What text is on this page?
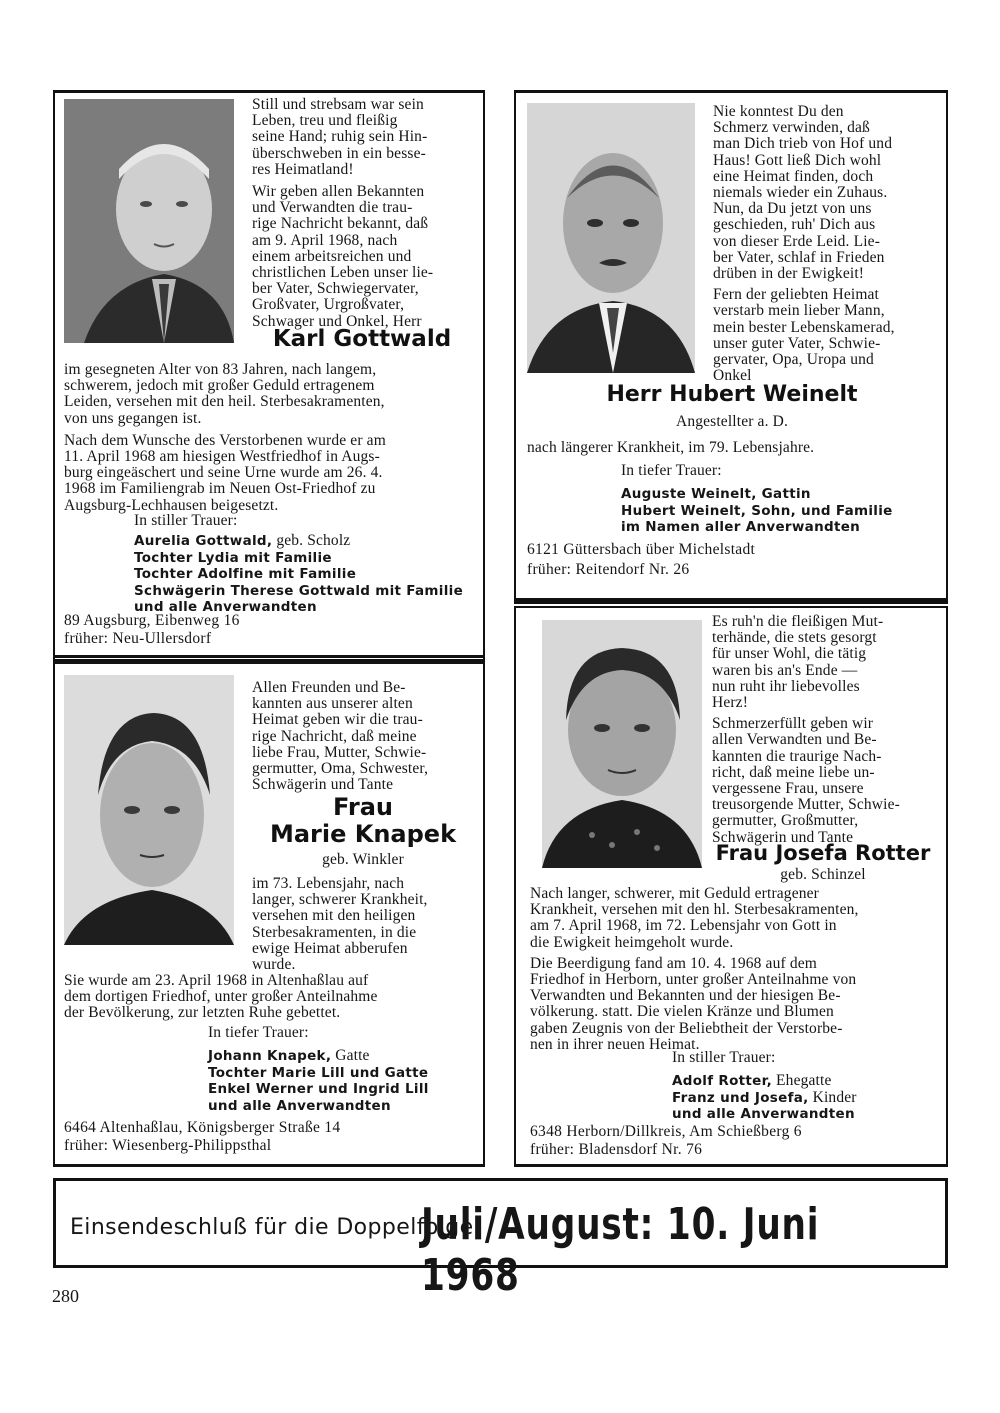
Still und strebsam war sein
Leben, treu und fleißig
seine Hand; ruhig sein Hin-
überschweben in ein besse-
res Heimatland!

Wir geben allen Bekannten
und Verwandten die trau-
rige Nachricht bekannt, daß
am 9. April 1968, nach
einem arbeitsreichen und
christlichen Leben unser lie-
ber Vater, Schwiegervater,
Großvater, Urgroßvater,
Schwager und Onkel, Herr

Karl Gottwald

im gesegneten Alter von 83 Jahren, nach langem,
schwerem, jedoch mit großer Geduld ertragenem
Leiden, versehen mit den heil. Sterbesakramenten,
von uns gegangen ist.

Nach dem Wunsche des Verstorbenen wurde er am
11. April 1968 am hiesigen Westfriedhof in Augs-
burg eingeäschert und seine Urne wurde am 26. 4.
1968 im Familiengrab im Neuen Ost-Friedhof zu
Augsburg-Lechhausen beigesetzt.

In stiller Trauer:
Aurelia Gottwald, geb. Scholz
Tochter Lydia mit Familie
Tochter Adolfine mit Familie
Schwägerin Therese Gottwald mit Familie
und alle Anverwandten
89 Augsburg, Eibenweg 16
früher: Neu-Ullersdorf

Nie konntest Du den
Schmerz verwinden, daß
man Dich trieb von Hof und
Haus! Gott ließ Dich wohl
eine Heimat finden, doch
niemals wieder ein Zuhaus.
Nun, da Du jetzt von uns
geschieden, ruh' Dich aus
von dieser Erde Leid. Lie-
ber Vater, schlaf in Frieden
drüben in der Ewigkeit!

Fern der geliebten Heimat
verstarb mein lieber Mann,
mein bester Lebenskamerad,
unser guter Vater, Schwie-
gervater, Opa, Uropa und
Onkel

Herr Hubert Weinelt
Angestellter a. D.
nach längerer Krankheit, im 79. Lebensjahre.
In tiefer Trauer:
Auguste Weinelt, Gattin
Hubert Weinelt, Sohn, und Familie
im Namen aller Anverwandten
6121 Güttersbach über Michelstadt
früher: Reitendorf Nr. 26
Allen Freunden und Be-
kannten aus unserer alten
Heimat geben wir die trau-
rige Nachricht, daß meine
liebe Frau, Mutter, Schwie-
germutter, Oma, Schwester,
Schwägerin und Tante
Frau
Marie Knapek
geb. Winkler
im 73. Lebensjahr, nach
langer, schwerer Krankheit,
versehen mit den heiligen
Sterbesakramenten, in die
ewige Heimat abberufen
wurde.
Sie wurde am 23. April 1968 in Altenhaßlau auf
dem dortigen Friedhof, unter großer Anteilnahme
der Bevölkerung, zur letzten Ruhe gebettet.
In tiefer Trauer:
Johann Knapek, Gatte
Tochter Marie Lill und Gatte
Enkel Werner und Ingrid Lill
und alle Anverwandten
6464 Altenhaßlau, Königsberger Straße 14
früher: Wiesenberg-Philippsthal

Es ruh'n die fleißigen Mut-
terhände, die stets gesorgt
für unser Wohl, die tätig
waren bis an's Ende —
nun ruht ihr liebevolles
Herz!

Schmerzerfüllt geben wir
allen Verwandten und Be-
kannten die traurige Nach-
richt, daß meine liebe un-
vergessene Frau, unsere
treusorgende Mutter, Schwie-
germutter, Großmutter,
Schwägerin und Tante

Frau Josefa Rotter
geb. Schinzel

Nach langer, schwerer, mit Geduld ertragener
Krankheit, versehen mit den hl. Sterbesakramenten,
am 7. April 1968, im 72. Lebensjahr von Gott in
die Ewigkeit heimgeholt wurde.

Die Beerdigung fand am 10. 4. 1968 auf dem
Friedhof in Herborn, unter großer Anteilnahme von
Verwandten und Bekannten und der hiesigen Be-
völkerung. statt. Die vielen Kränze und Blumen
gaben Zeugnis von der Beliebtheit der Verstorbe-
nen in ihrer neuen Heimat.

In stiller Trauer:
Adolf Rotter, Ehegatte
Franz und Josefa, Kinder
und alle Anverwandten
6348 Herborn/Dillkreis, Am Schießberg 6
früher: Bladensdorf Nr. 76
Einsendeschluß für die Doppelfolge
Juli/August: 10. Juni 1968
280
